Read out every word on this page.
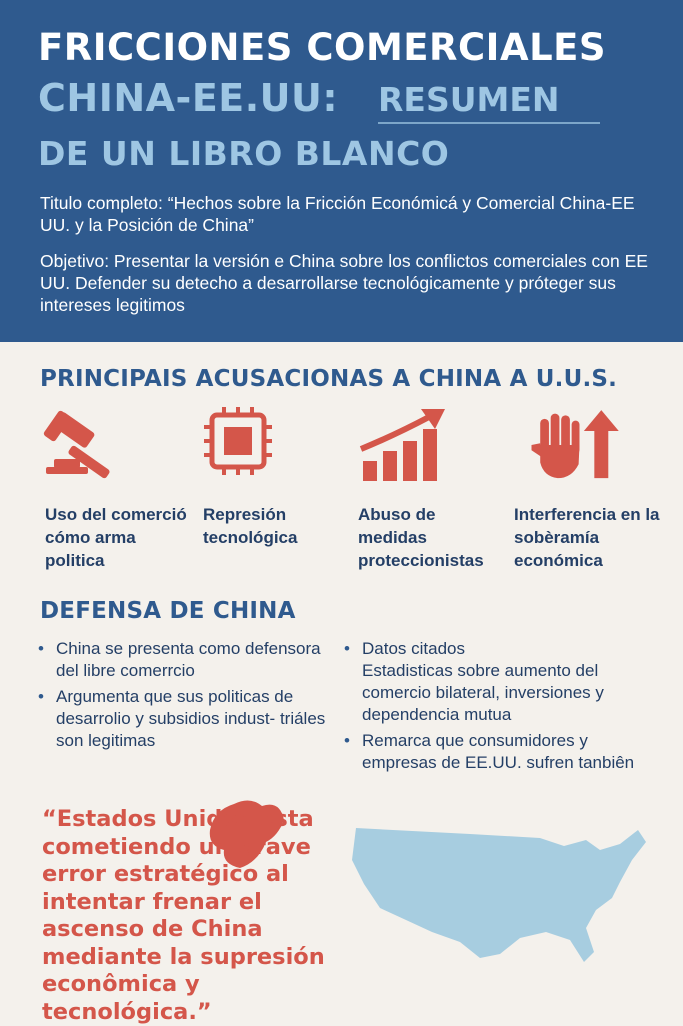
FRICCIONES COMERCIALES
CHINA-EE.UU: RESUMEN
DE UN LIBRO BLANCO
Titulo completo: “Hechos sobre la Fricción Económicá y Comercial China-EE UU. y la Posición de China”
Objetivo: Presentar la versión e China sobre los conflictos comerciales con EE UU. Defender su detecho a desarrollarse tecnológicamente y próteger sus intereses legitimos
PRINCIPAIS ACUSACIONAS A CHINA A U.U.S.
Uso del comerció cómo arma politica
Represión tecnológica
Abuso de medidas proteccionistas
Interferencia en la sobèramía económica
DEFENSA DE CHINA
• China se presenta como defensora del libre comerrcio
• Argumenta que sus politicas de desarrolio y subsidios indust- triáles son legitimas
• Datos citados
Estadisticas sobre aumento del comercio bilateral, inversiones y dependencia mutua
• Remarca que consumidores y empresas de EE.UU. sufren tanbiên
“Estados Unidos esta cometiendo un grave error estratégico al intentar frenar el ascenso de China mediante la supresión econômica y tecnológica.”
